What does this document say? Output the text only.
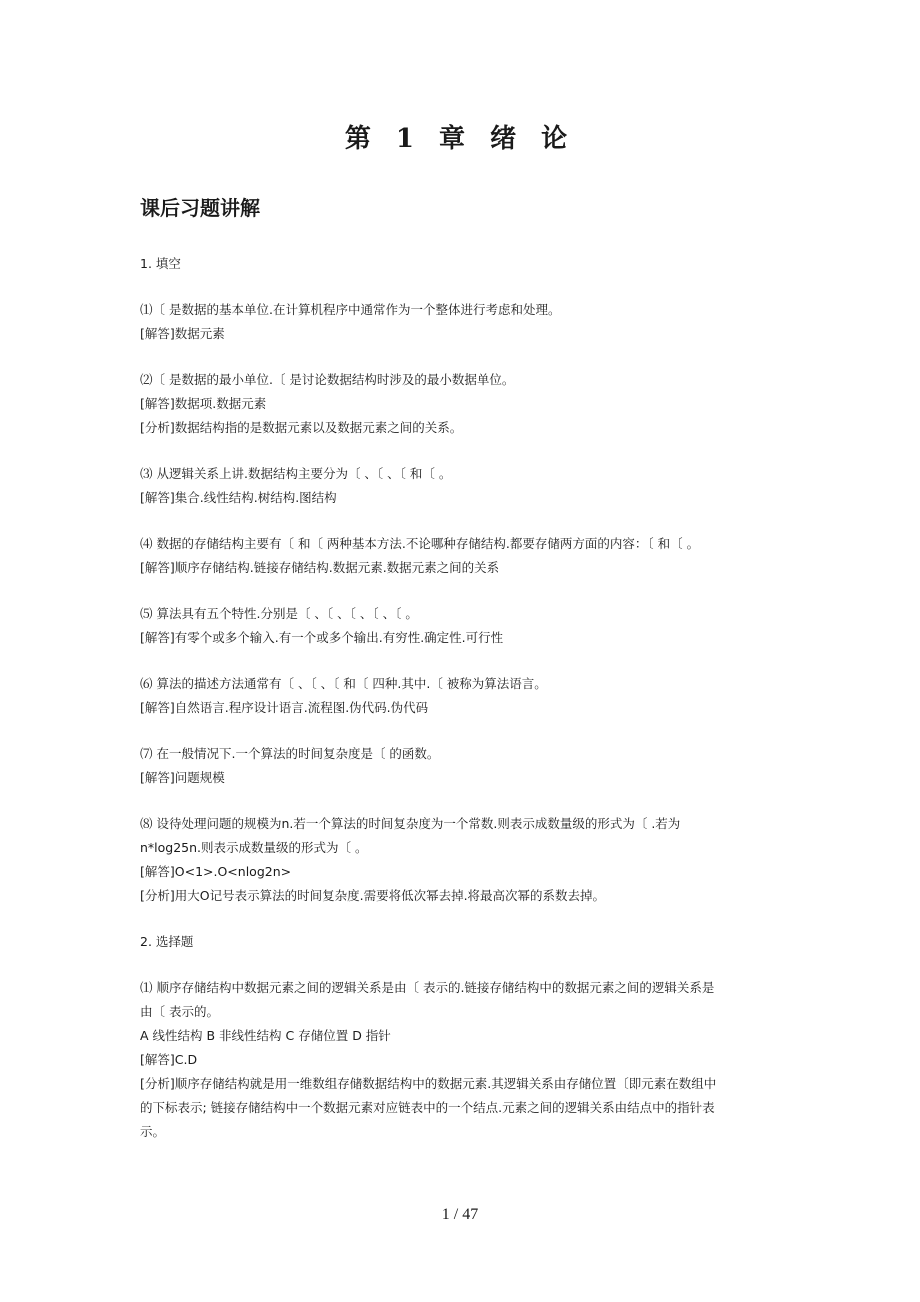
第 1 章 绪 论
课后习题讲解

1. 填空

⑴〔 是数据的基本单位.在计算机程序中通常作为一个整体进行考虑和处理。

[解答]数据元素

⑵〔 是数据的最小单位.〔 是讨论数据结构时涉及的最小数据单位。

[解答]数据项.数据元素

[分析]数据结构指的是数据元素以及数据元素之间的关系。

⑶ 从逻辑关系上讲.数据结构主要分为〔 、〔 、〔 和〔 。

[解答]集合.线性结构.树结构.图结构

⑷ 数据的存储结构主要有〔 和〔 两种基本方法.不论哪种存储结构.都要存储两方面的内容：〔 和〔 。

[解答]顺序存储结构.链接存储结构.数据元素.数据元素之间的关系

⑸ 算法具有五个特性.分别是〔 、〔 、〔 、〔 、〔 。

[解答]有零个或多个输入.有一个或多个输出.有穷性.确定性.可行性

⑹ 算法的描述方法通常有〔 、〔 、〔 和〔 四种.其中.〔 被称为算法语言。

[解答]自然语言.程序设计语言.流程图.伪代码.伪代码

⑺ 在一般情况下.一个算法的时间复杂度是〔 的函数。

[解答]问题规模

⑻ 设待处理问题的规模为n.若一个算法的时间复杂度为一个常数.则表示成数量级的形式为〔 .若为

n*log25n.则表示成数量级的形式为〔 。

[解答]Ο<1>.Ο<nlog2n>

[分析]用大O记号表示算法的时间复杂度.需要将低次幂去掉.将最高次幂的系数去掉。

2. 选择题

⑴ 顺序存储结构中数据元素之间的逻辑关系是由〔 表示的.链接存储结构中的数据元素之间的逻辑关系是

由〔 表示的。

A 线性结构 B 非线性结构 C 存储位置 D 指针

[解答]C.D

[分析]顺序存储结构就是用一维数组存储数据结构中的数据元素.其逻辑关系由存储位置〔即元素在数组中

的下标表示; 链接存储结构中一个数据元素对应链表中的一个结点.元素之间的逻辑关系由结点中的指针表

示。

1 / 47
